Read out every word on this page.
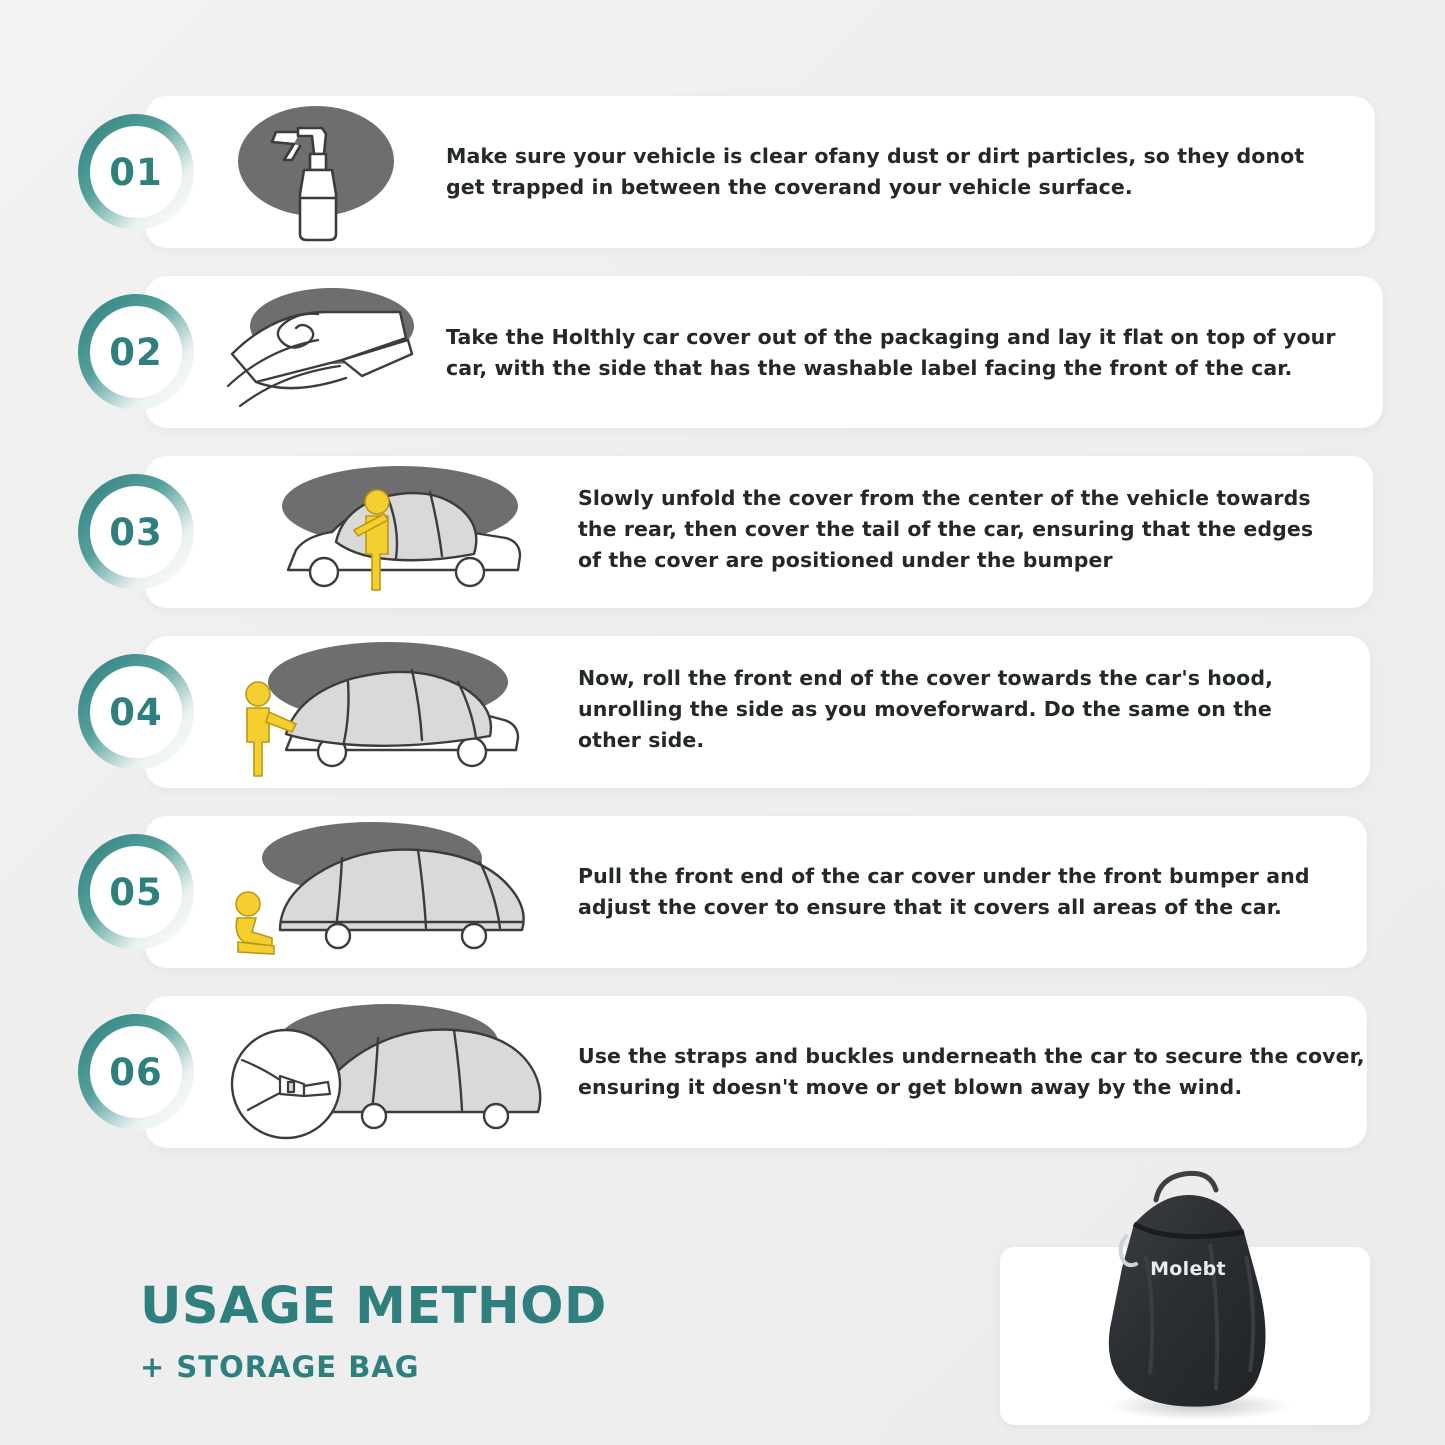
01	Make sure your vehicle is clear ofany dust or dirt particles, so they donot get trapped in between the coverand your vehicle surface.
02	Take the Holthly car cover out of the packaging and lay it flat on top of your car, with the side that has the washable label facing the front of the car.
03
Slowly unfold the cover from the center of the vehicle towards the rear, then cover the tail of the car, ensuring that the edges of the cover are positioned under the bumper
04
Now, roll the front end of the cover towards the car's hood, unrolling the side as you moveforward. Do the same on the other side.
05	Pull the front end of the car cover under the front bumper and adjust the cover to ensure that it covers all areas of the car.
06	Use the straps and buckles underneath the car to secure the cover, ensuring it doesn't move or get blown away by the wind.
USAGE METHOD
+ STORAGE BAG
Molebt
